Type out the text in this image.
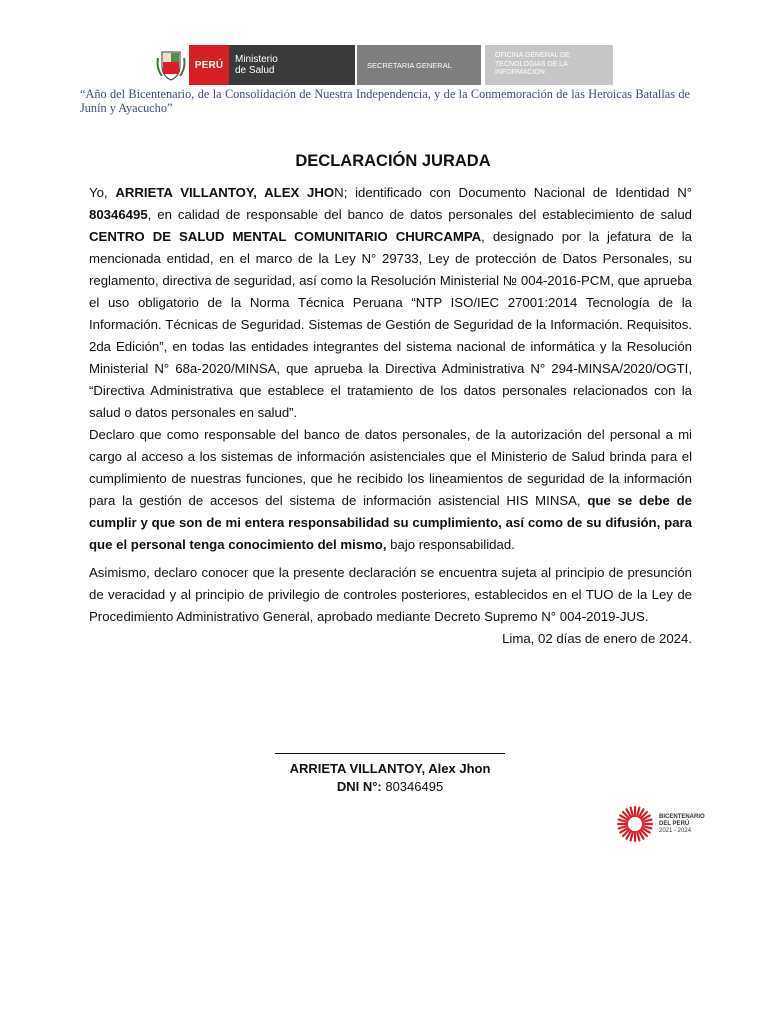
PERÚ Ministerio
de Salud	SECRETARIA GENERAL
OFICINA GENERAL DE
TECNOLOGIAS DE LA
INFORMACION
“Año del Bicentenario, de la Consolidación de Nuestra Independencia, y de la Conmemoración de las Heroicas Batallas de Junín y Ayacucho”
DECLARACIÓN JURADA

Yo, ARRIETA VILLANTOY, ALEX JHON; identificado con Documento Nacional de Identidad N° 80346495, en calidad de responsable del banco de datos personales del establecimiento de salud CENTRO DE SALUD MENTAL COMUNITARIO CHURCAMPA, designado por la jefatura de la mencionada entidad, en el marco de la Ley N° 29733, Ley de protección de Datos Personales, su reglamento, directiva de seguridad, así como la Resolución Ministerial № 004-2016-PCM, que aprueba el uso obligatorio de la Norma Técnica Peruana “NTP ISO/IEC 27001:2014 Tecnología de la Información. Técnicas de Seguridad. Sistemas de Gestión de Seguridad de la Información. Requisitos. 2da Edición”, en todas las entidades integrantes del sistema nacional de informática y la Resolución Ministerial N° 68a-2020/MINSA, que aprueba la Directiva Administrativa N° 294-MINSA/2020/OGTI, “Directiva Administrativa que establece el tratamiento de los datos personales relacionados con la salud o datos personales en salud”.

Declaro que como responsable del banco de datos personales, de la autorización del personal a mi cargo al acceso a los sistemas de información asistenciales que el Ministerio de Salud brinda para el cumplimiento de nuestras funciones, que he recibido los lineamientos de seguridad de la información para la gestión de accesos del sistema de información asistencial HIS MINSA, que se debe de cumplir y que son de mi entera responsabilidad su cumplimiento, así como de su difusión, para que el personal tenga conocimiento del mismo, bajo responsabilidad.

Asimismo, declaro conocer que la presente declaración se encuentra sujeta al principio de presunción de veracidad y al principio de privilegio de controles posteriores, establecidos en el TUO de la Ley de Procedimiento Administrativo General, aprobado mediante Decreto Supremo N° 004-2019-JUS.

Lima, 02 días de enero de 2024.

ARRIETA VILLANTOY, Alex Jhon
DNI N°: 80346495
BICENTENARIO
DEL PERÚ
2021 - 2024
